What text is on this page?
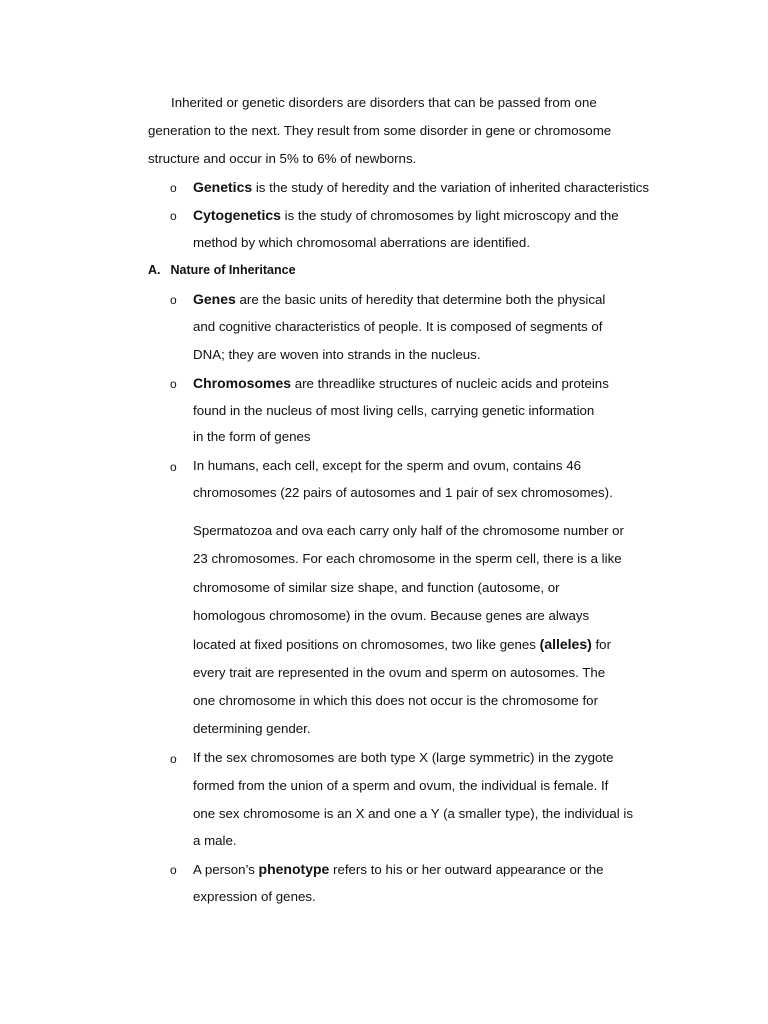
Inherited or genetic disorders are disorders that can be passed from one
generation to the next. They result from some disorder in gene or chromosome
structure and occur in 5% to 6% of newborns.
o Genetics is the study of heredity and the variation of inherited characteristics
o Cytogenetics is the study of chromosomes by light microscopy and the
method by which chromosomal aberrations are identified.
A. Nature of Inheritance
o Genes are the basic units of heredity that determine both the physical
and cognitive characteristics of people. It is composed of segments of
DNA; they are woven into strands in the nucleus.
o Chromosomes are threadlike structures of nucleic acids and proteins
found in the nucleus of most living cells, carrying genetic information
in the form of genes
o In humans, each cell, except for the sperm and ovum, contains 46
chromosomes (22 pairs of autosomes and 1 pair of sex chromosomes).
Spermatozoa and ova each carry only half of the chromosome number or
23 chromosomes. For each chromosome in the sperm cell, there is a like
chromosome of similar size shape, and function (autosome, or
homologous chromosome) in the ovum. Because genes are always
located at fixed positions on chromosomes, two like genes (alleles) for
every trait are represented in the ovum and sperm on autosomes. The
one chromosome in which this does not occur is the chromosome for
determining gender.
o If the sex chromosomes are both type X (large symmetric) in the zygote
formed from the union of a sperm and ovum, the individual is female. If
one sex chromosome is an X and one a Y (a smaller type), the individual is
a male.
o A person’s phenotype refers to his or her outward appearance or the
expression of genes.
